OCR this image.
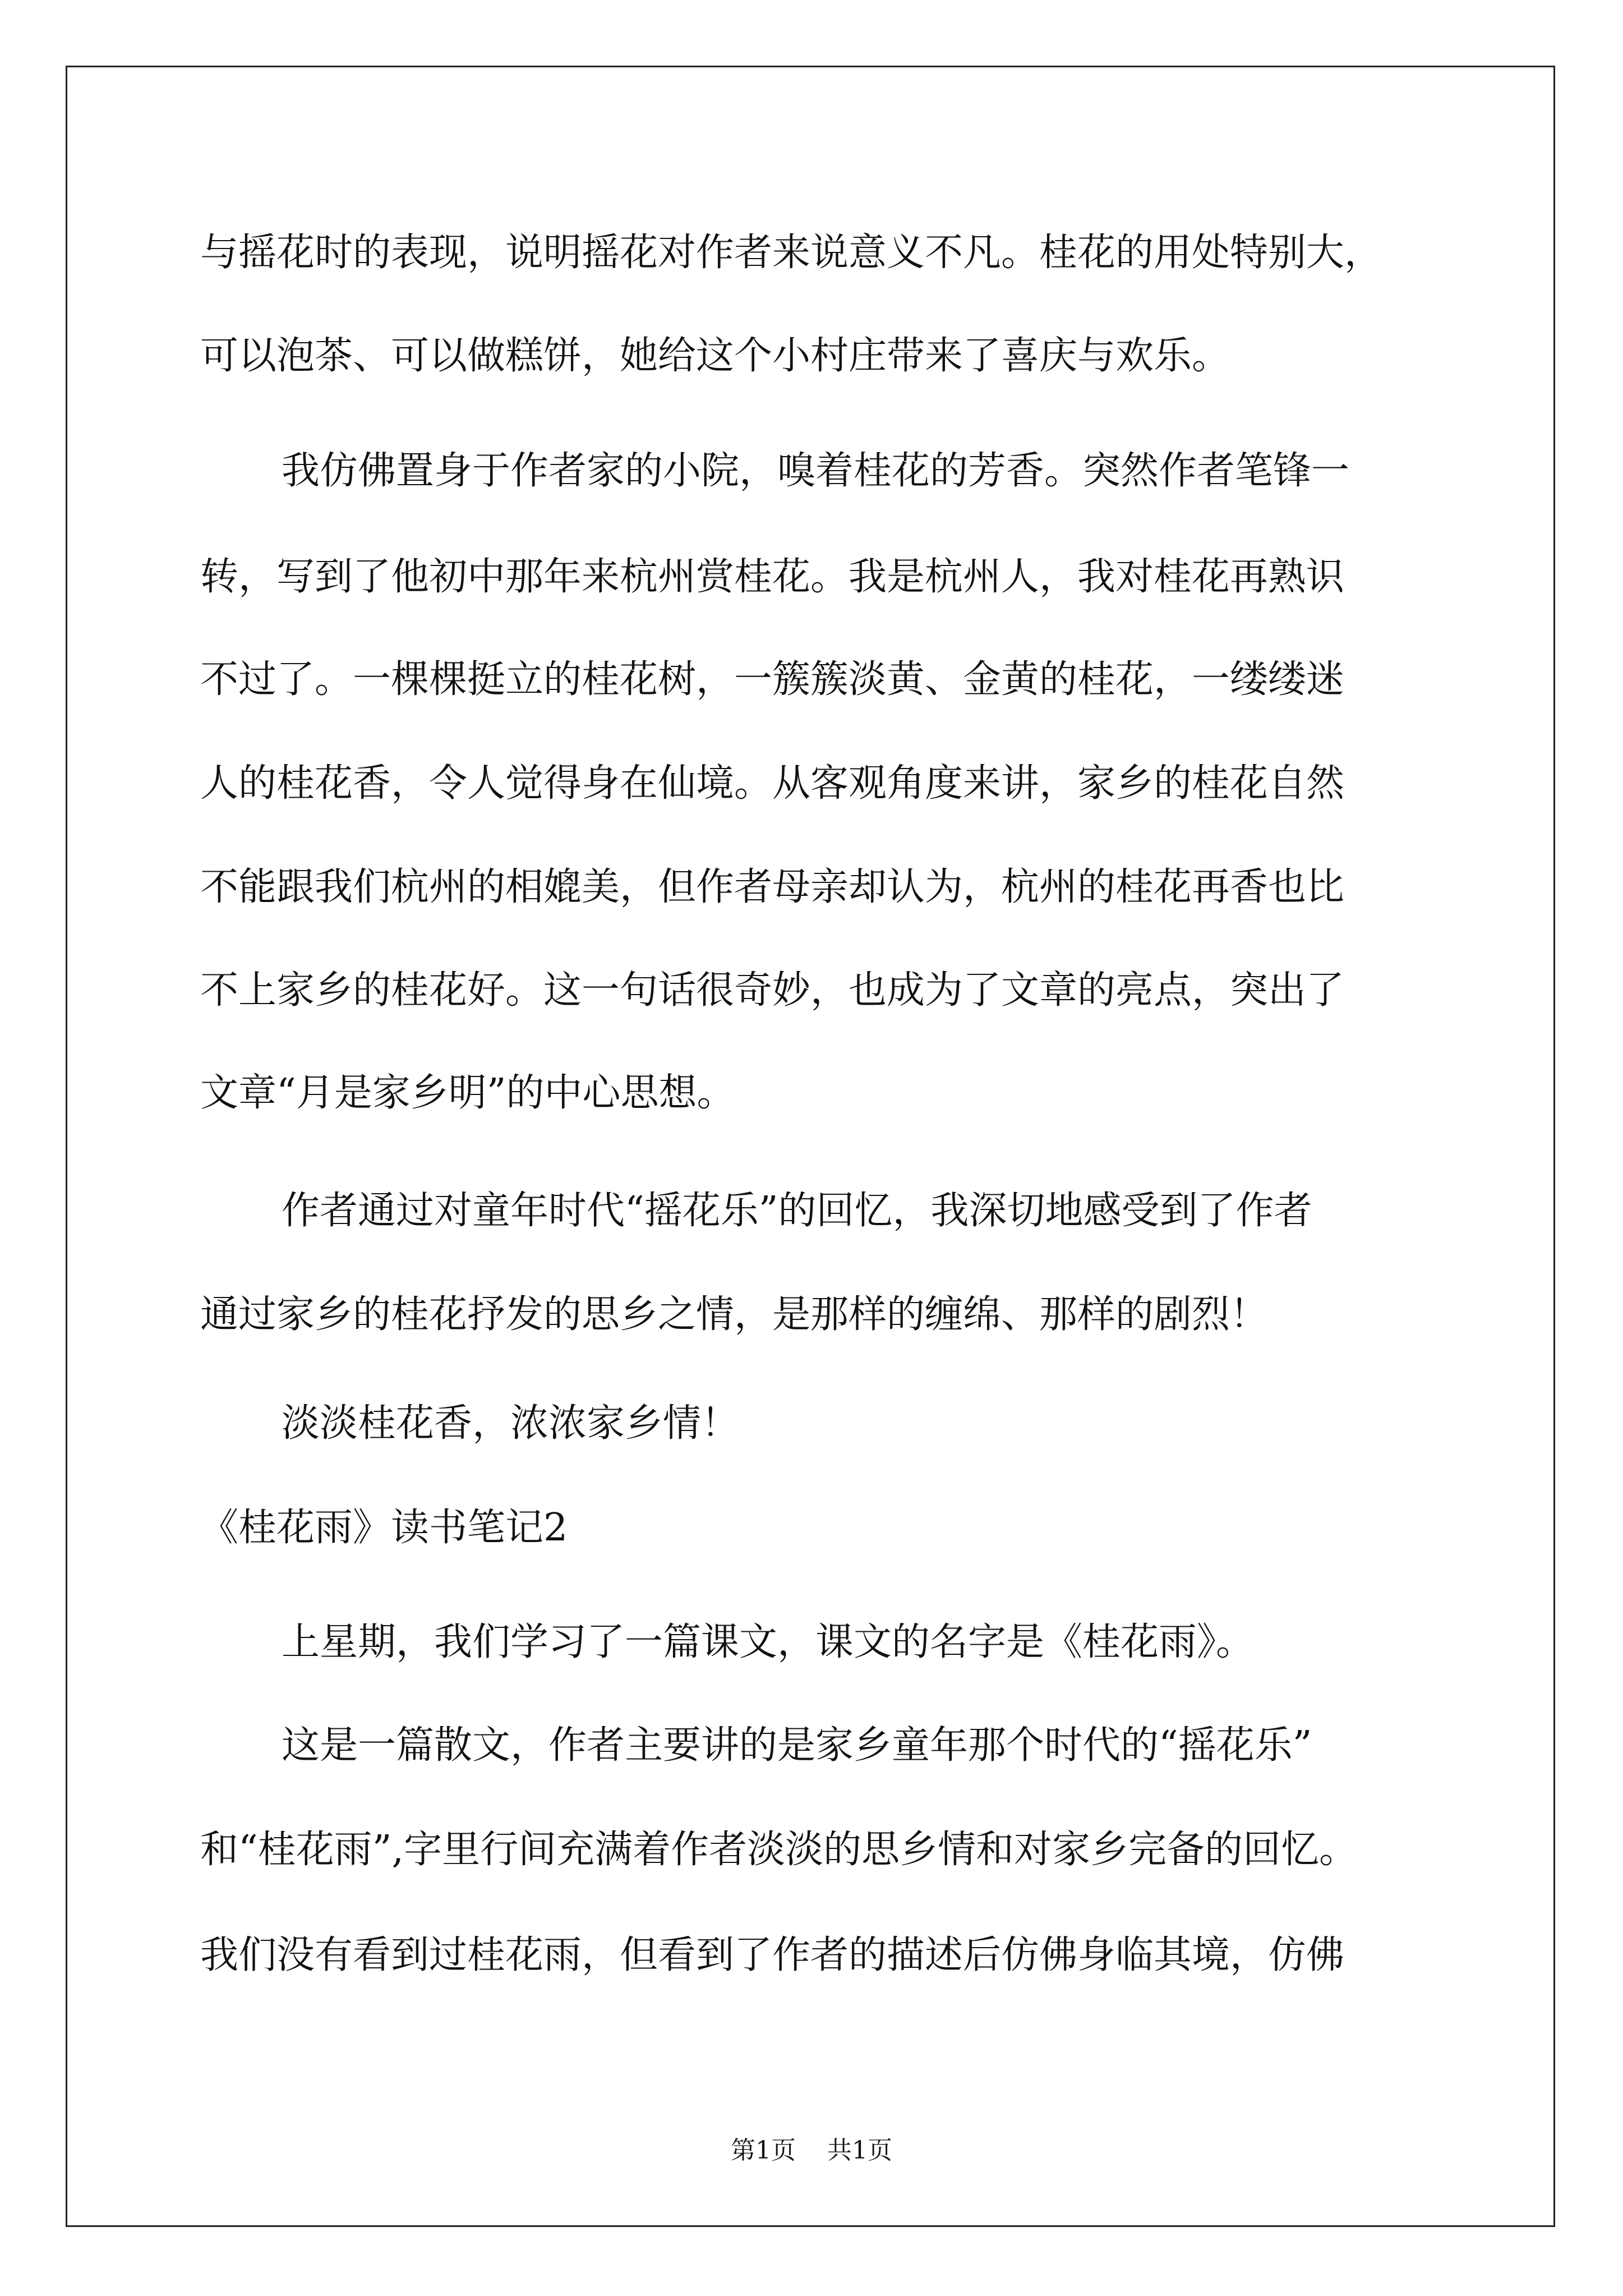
与摇花时的表现，说明摇花对作者来说意义不凡。桂花的用处特别大，
可以泡茶、可以做糕饼，她给这个小村庄带来了喜庆与欢乐。
我仿佛置身于作者家的小院，嗅着桂花的芳香。突然作者笔锋一
转，写到了他初中那年来杭州赏桂花。我是杭州人，我对桂花再熟识
不过了。一棵棵挺立的桂花树，一簇簇淡黄、金黄的桂花，一缕缕迷
人的桂花香，令人觉得身在仙境。从客观角度来讲，家乡的桂花自然
不能跟我们杭州的相媲美，但作者母亲却认为，杭州的桂花再香也比
不上家乡的桂花好。这一句话很奇妙，也成为了文章的亮点，突出了
文章“月是家乡明”的中心思想。
作者通过对童年时代“摇花乐”的回忆，我深切地感受到了作者
通过家乡的桂花抒发的思乡之情，是那样的缠绵、那样的剧烈！
淡淡桂花香，浓浓家乡情！
《桂花雨》读书笔记2
上星期，我们学习了一篇课文，课文的名字是《桂花雨》。
这是一篇散文，作者主要讲的是家乡童年那个时代的“摇花乐”
和“桂花雨”,字里行间充满着作者淡淡的思乡情和对家乡完备的回忆。
我们没有看到过桂花雨，但看到了作者的描述后仿佛身临其境，仿佛
第1页 共1页
